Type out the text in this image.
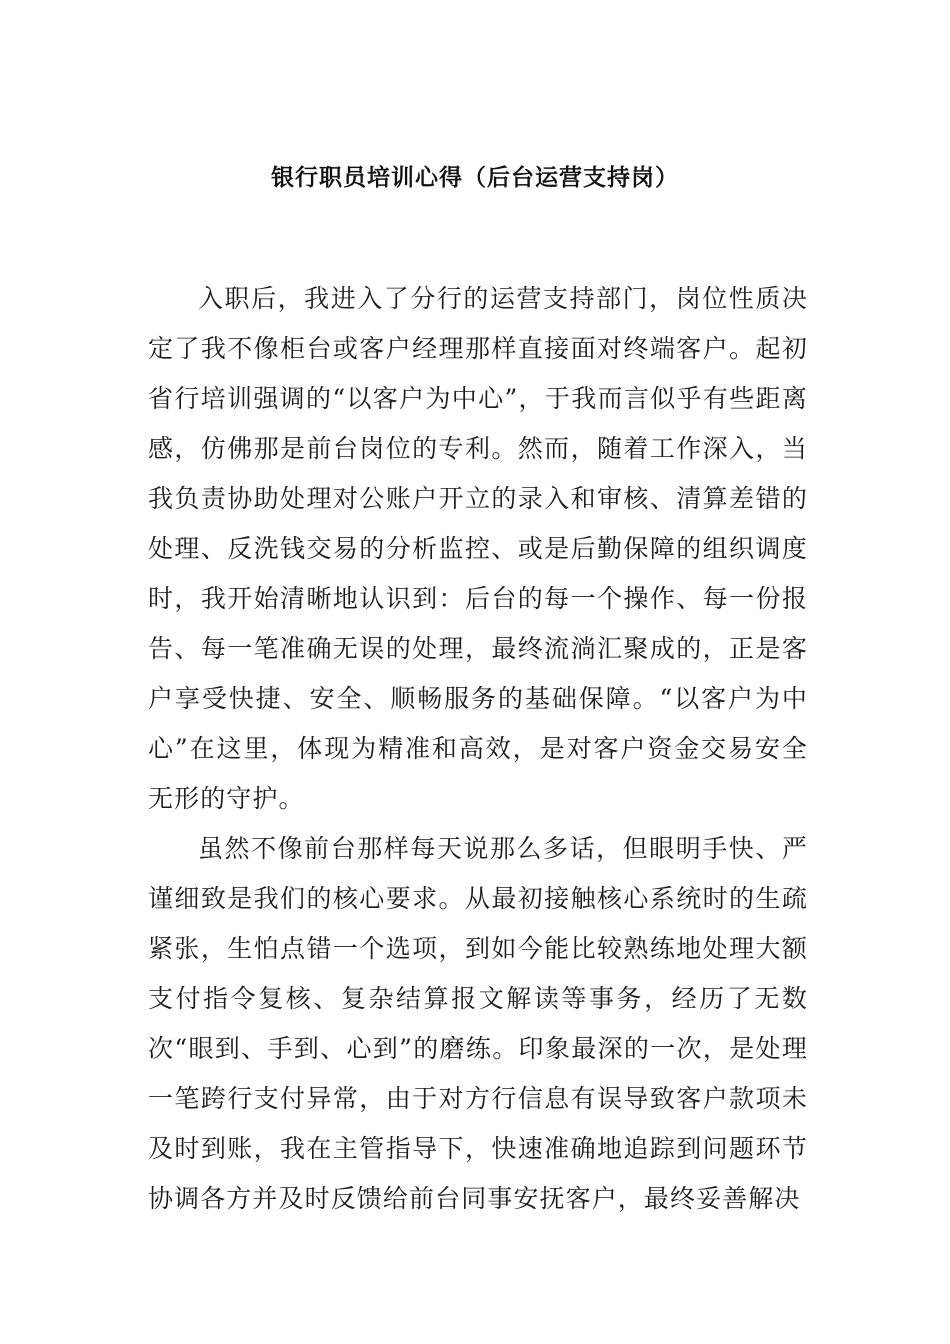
银行职员培训心得（后台运营支持岗）

入职后，我进入了分行的运营支持部门，岗位性质决定了我不像柜台或客户经理那样直接面对终端客户。起初省行培训强调的“以客户为中心”，于我而言似乎有些距离感，仿佛那是前台岗位的专利。然而，随着工作深入，当我负责协助处理对公账户开立的录入和审核、清算差错的处理、反洗钱交易的分析监控、或是后勤保障的组织调度时，我开始清晰地认识到：后台的每一个操作、每一份报告、每一笔准确无误的处理，最终流淌汇聚成的，正是客户享受快捷、安全、顺畅服务的基础保障。“以客户为中心”在这里，体现为精准和高效，是对客户资金交易安全无形的守护。

虽然不像前台那样每天说那么多话，但眼明手快、严谨细致是我们的核心要求。从最初接触核心系统时的生疏紧张，生怕点错一个选项，到如今能比较熟练地处理大额支付指令复核、复杂结算报文解读等事务，经历了无数次“眼到、手到、心到”的磨练。印象最深的一次，是处理一笔跨行支付异常，由于对方行信息有误导致客户款项未及时到账，我在主管指导下，快速准确地追踪到问题环节协调各方并及时反馈给前台同事安抚客户，最终妥善解决
